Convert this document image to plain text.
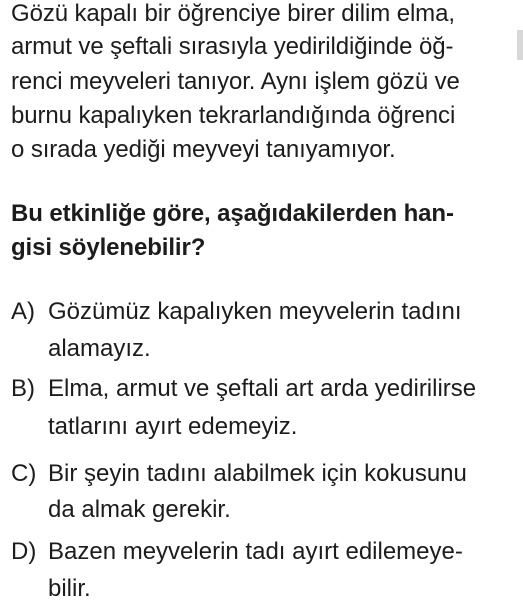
Gözü kapalı bir öğrenciye birer dilim elma,
armut ve şeftali sırasıyla yedirildiğinde öğ-
renci meyveleri tanıyor. Aynı işlem gözü ve
burnu kapalıyken tekrarlandığında öğrenci
o sırada yediği meyveyi tanıyamıyor.
Bu etkinliğe göre, aşağıdakilerden han-
gisi söylenebilir?
A) Gözümüz kapalıyken meyvelerin tadını
alamayız.
B) Elma, armut ve şeftali art arda yedirilirse
tatlarını ayırt edemeyiz.
C) Bir şeyin tadını alabilmek için kokusunu
da almak gerekir.
D) Bazen meyvelerin tadı ayırt edilemeye-
bilir.
